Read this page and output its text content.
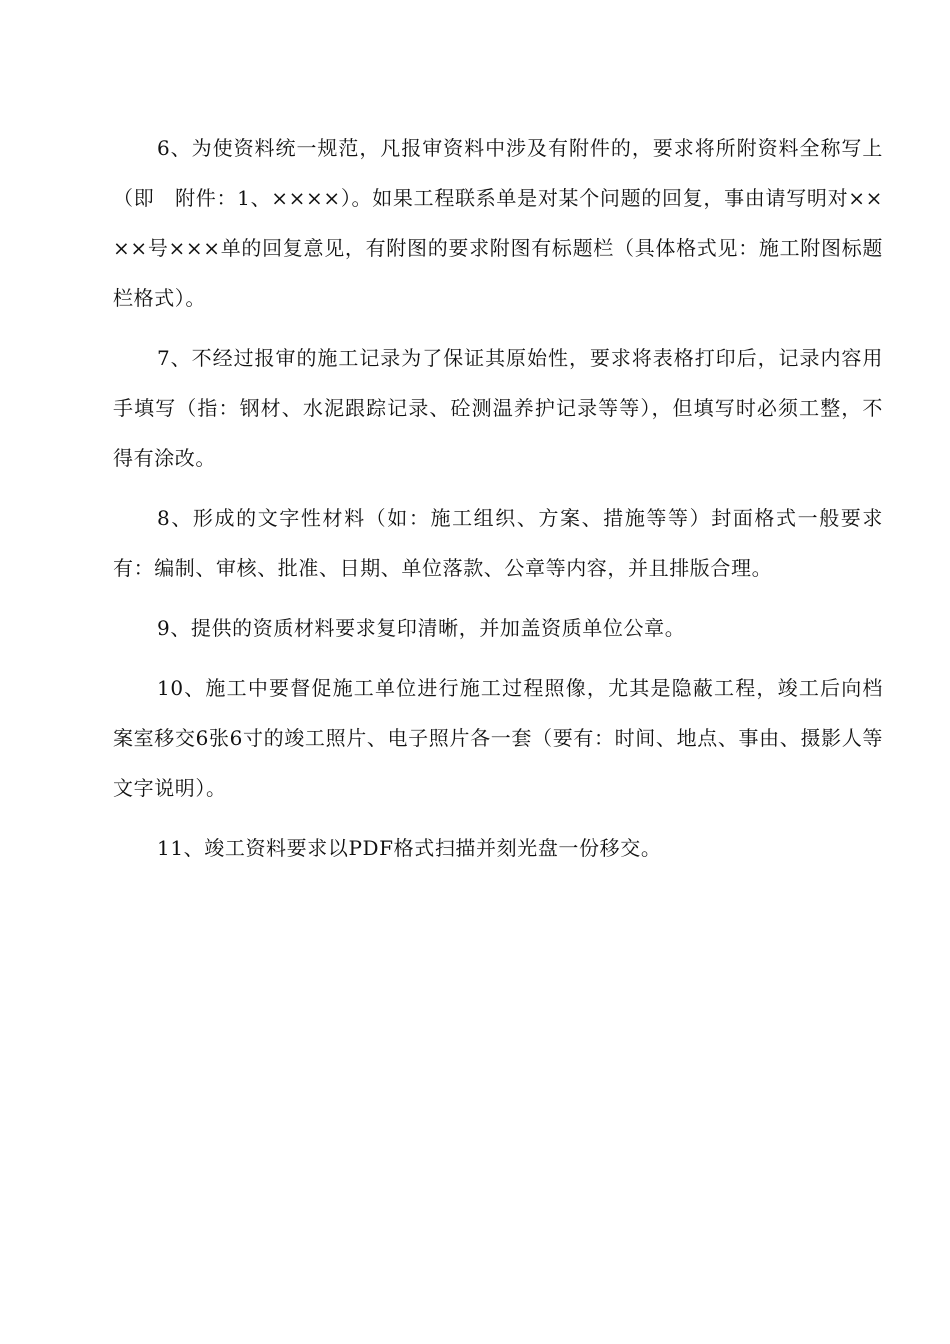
6、为使资料统一规范，凡报审资料中涉及有附件的，要求将所附资料全称写上（即　附件：1、××××）。如果工程联系单是对某个问题的回复，事由请写明对××××号×××单的回复意见，有附图的要求附图有标题栏（具体格式见：施工附图标题栏格式）。

7、不经过报审的施工记录为了保证其原始性，要求将表格打印后，记录内容用手填写（指：钢材、水泥跟踪记录、砼测温养护记录等等），但填写时必须工整，不得有涂改。

8、形成的文字性材料（如：施工组织、方案、措施等等）封面格式一般要求有：编制、审核、批准、日期、单位落款、公章等内容，并且排版合理。

9、提供的资质材料要求复印清晰，并加盖资质单位公章。

10、施工中要督促施工单位进行施工过程照像，尤其是隐蔽工程，竣工后向档案室移交6张6寸的竣工照片、电子照片各一套（要有：时间、地点、事由、摄影人等文字说明）。

11、竣工资料要求以PDF格式扫描并刻光盘一份移交。
